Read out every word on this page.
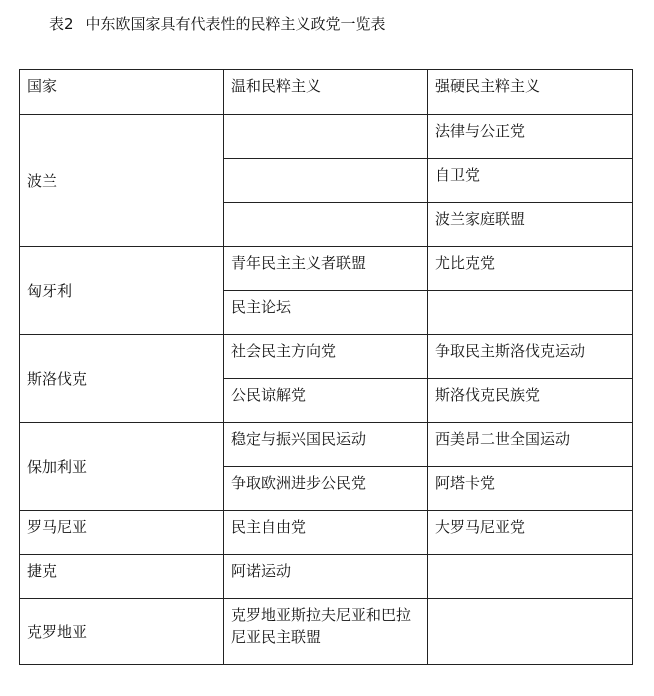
表2 中东欧国家具有代表性的民粹主义政党一览表
国家	温和民粹主义	强硬民主粹主义
波兰		法律与公正党
		自卫党
		波兰家庭联盟
匈牙利	青年民主主义者联盟	尤比克党
	民主论坛	
斯洛伐克	社会民主方向党	争取民主斯洛伐克运动
	公民谅解党	斯洛伐克民族党
保加利亚	稳定与振兴国民运动	西美昂二世全国运动
	争取欧洲进步公民党	阿塔卡党
罗马尼亚	民主自由党	大罗马尼亚党
捷克	阿诺运动	
克罗地亚	克罗地亚斯拉夫尼亚和巴拉尼亚民主联盟	
